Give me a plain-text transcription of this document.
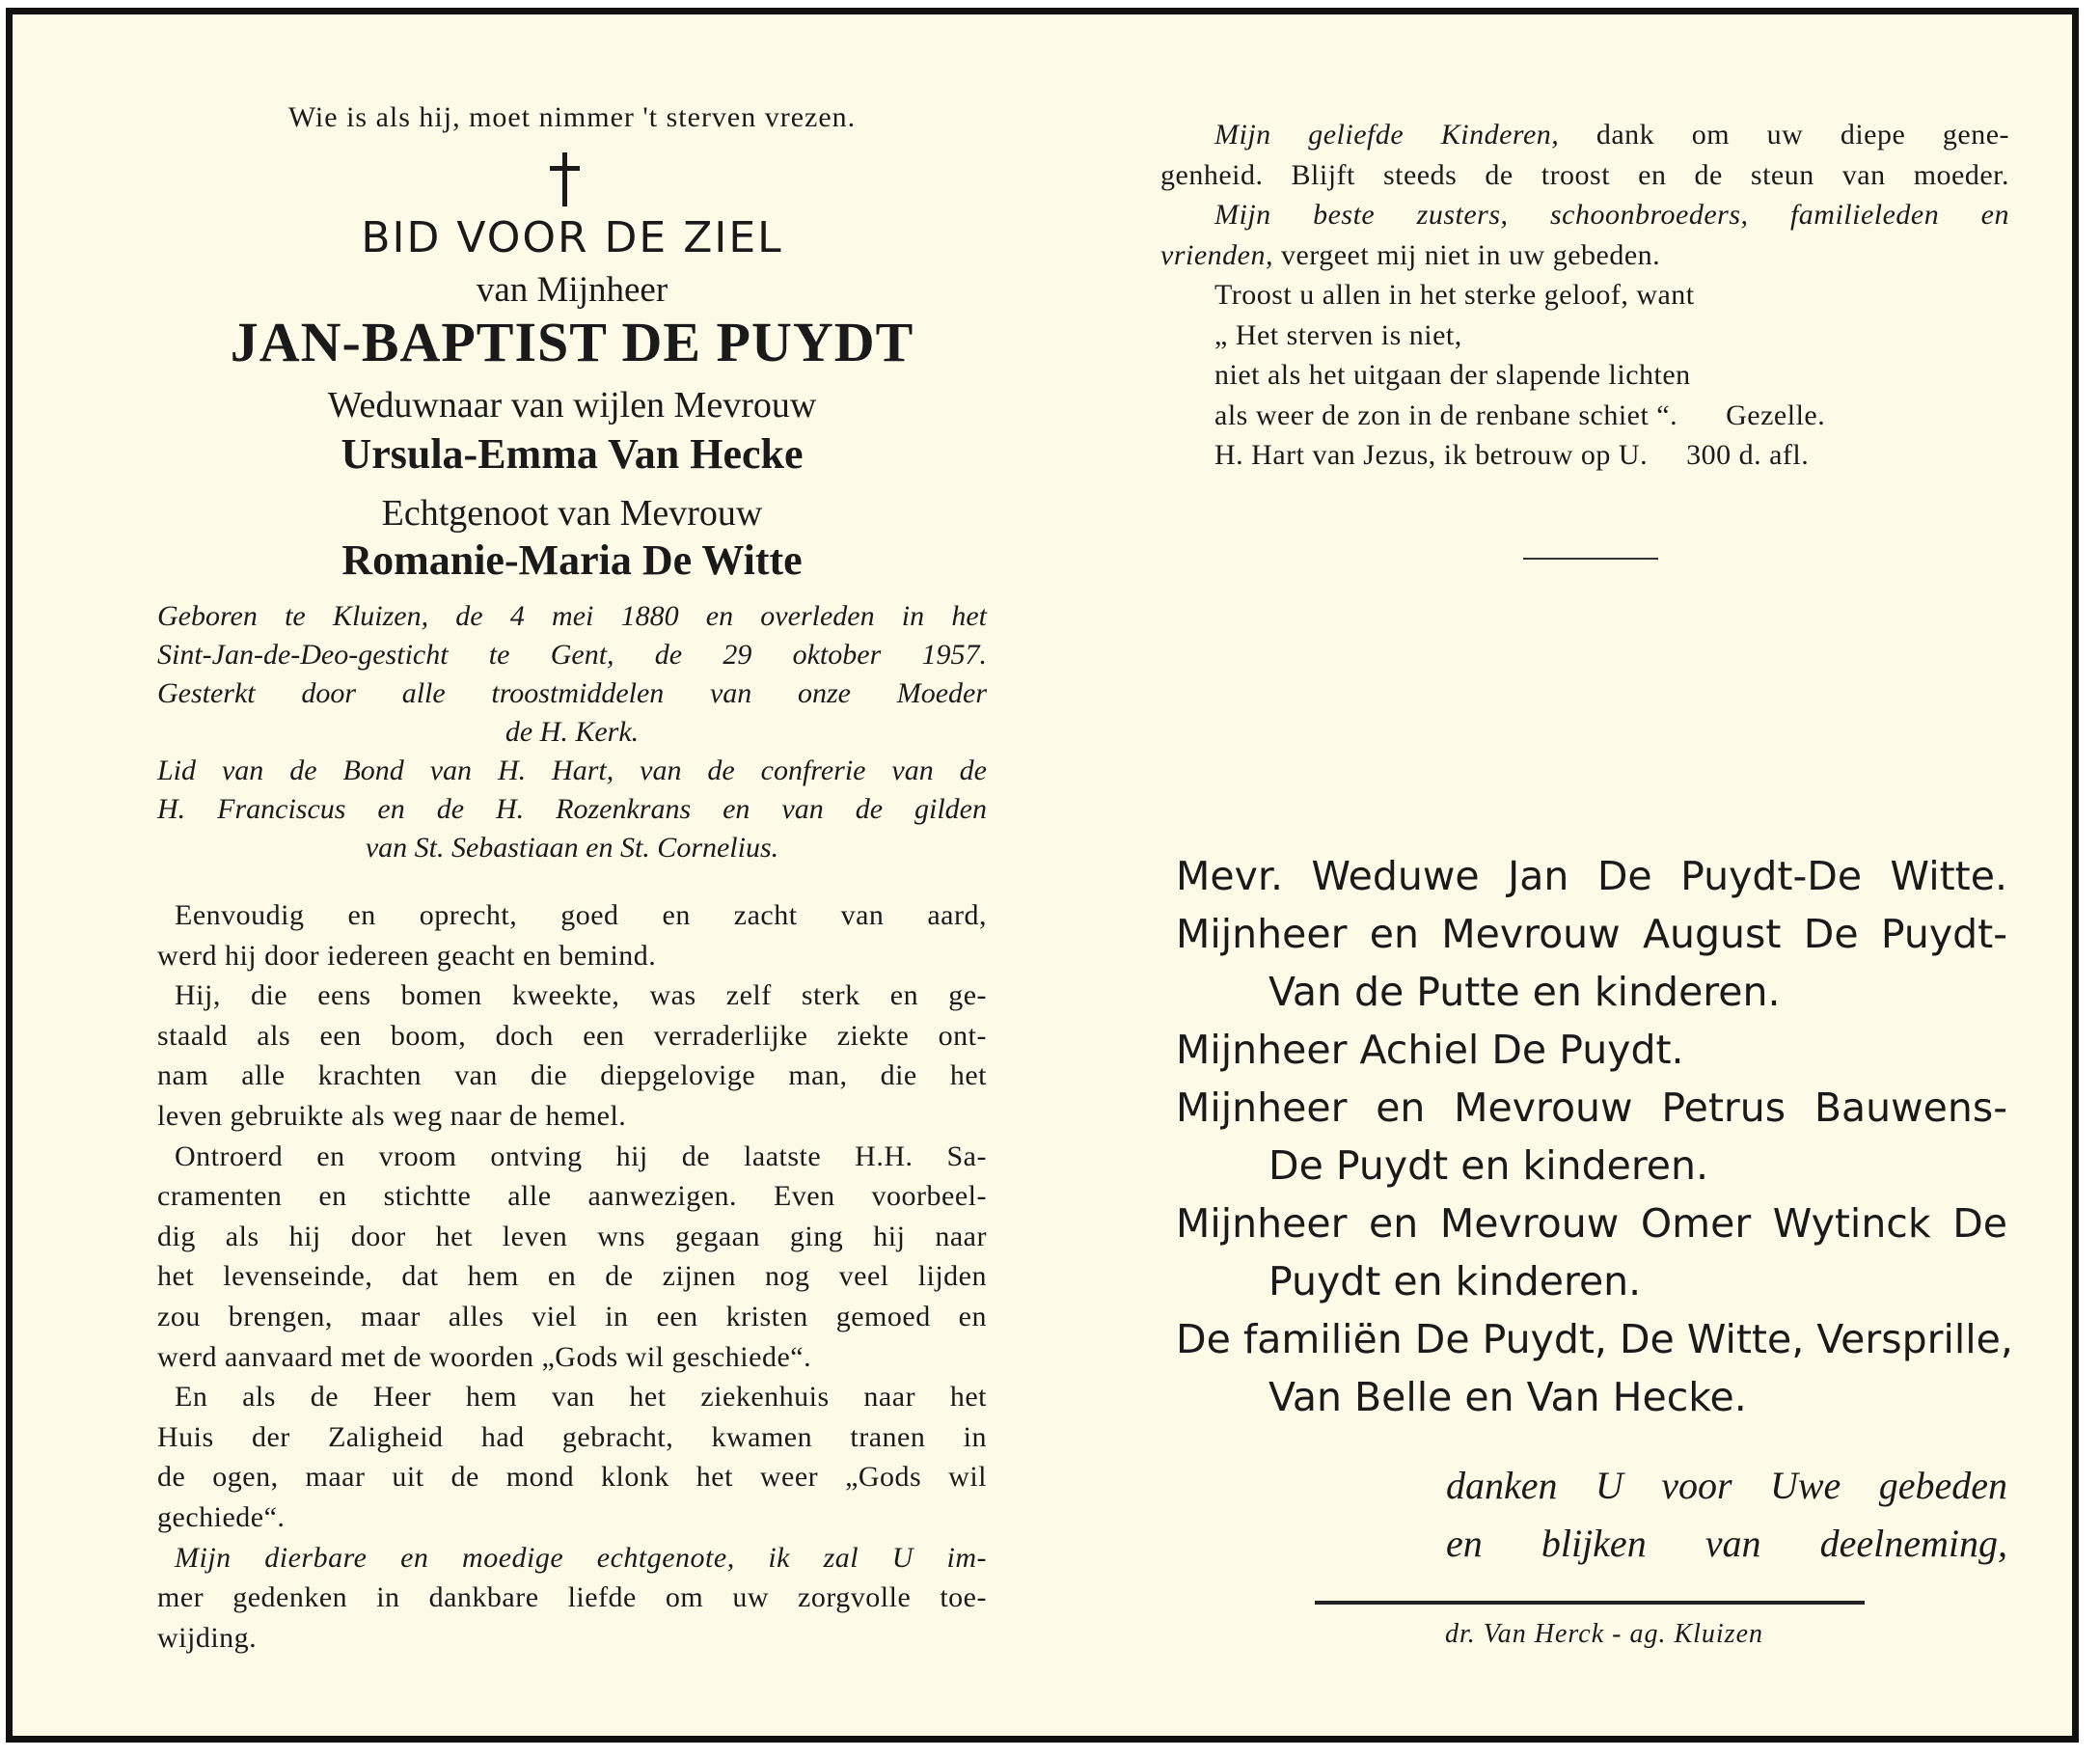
Wie is als hij, moet nimmer 't sterven vrezen.
BID VOOR DE ZIEL
van Mijnheer
JAN-BAPTIST DE PUYDT
Weduwnaar van wijlen Mevrouw
Ursula-Emma Van Hecke
Echtgenoot van Mevrouw
Romanie-Maria De Witte
Geboren te Kluizen, de 4 mei 1880 en overleden in het
Sint-Jan-de-Deo-gesticht te Gent, de 29 oktober 1957.
Gesterkt door alle troostmiddelen van onze Moeder
de H. Kerk.
Lid van de Bond van H. Hart, van de confrerie van de
H. Franciscus en de H. Rozenkrans en van de gilden
van St. Sebastiaan en St. Cornelius.

Eenvoudig en oprecht, goed en zacht van aard,

werd hij door iedereen geacht en bemind.

Hij, die eens bomen kweekte, was zelf sterk en ge-

staald als een boom, doch een verraderlijke ziekte ont-

nam alle krachten van die diepgelovige man, die het

leven gebruikte als weg naar de hemel.

Ontroerd en vroom ontving hij de laatste H.H. Sa-

cramenten en stichtte alle aanwezigen. Even voorbeel-

dig als hij door het leven wns gegaan ging hij naar

het levenseinde, dat hem en de zijnen nog veel lijden

zou brengen, maar alles viel in een kristen gemoed en

werd aanvaard met de woorden „Gods wil geschiede“.

En als de Heer hem van het ziekenhuis naar het

Huis der Zaligheid had gebracht, kwamen tranen in

de ogen, maar uit de mond klonk het weer „Gods wil

gechiede“.

Mijn dierbare en moedige echtgenote, ik zal U im-

mer gedenken in dankbare liefde om uw zorgvolle toe-

wijding.

Mijn geliefde Kinderen, dank om uw diepe gene-
genheid. Blijft steeds de troost en de steun van moeder.
Mijn beste zusters, schoonbroeders, familieleden en
vrienden, vergeet mij niet in uw gebeden.
Troost u allen in het sterke geloof, want
„ Het sterven is niet,
niet als het uitgaan der slapende lichten
als weer de zon in de renbane schiet “. Gezelle.
H. Hart van Jezus, ik betrouw op U. 300 d. afl.
Mevr. Weduwe Jan De Puydt-De Witte.
Mijnheer en Mevrouw August De Puydt-
Van de Putte en kinderen.
Mijnheer Achiel De Puydt.
Mijnheer en Mevrouw Petrus Bauwens-
De Puydt en kinderen.
Mijnheer en Mevrouw Omer Wytinck De
Puydt en kinderen.
De familiën De Puydt, De Witte, Versprille,
Van Belle en Van Hecke.
danken U voor Uwe gebeden
en blijken van deelneming,
dr. Van Herck - ag. Kluizen
